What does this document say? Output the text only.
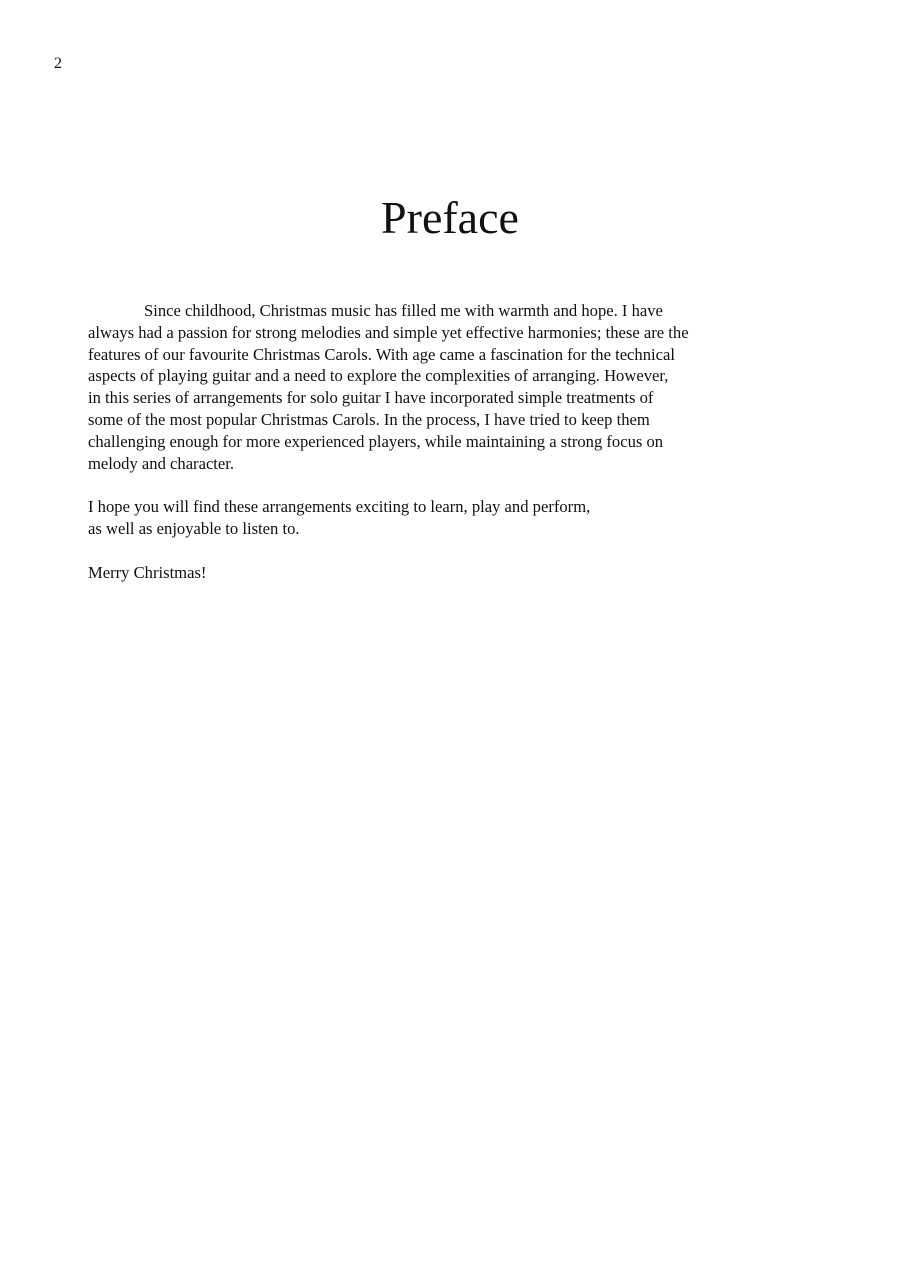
2
Preface

Since childhood, Christmas music has filled me with warmth and hope. I have
always had a passion for strong melodies and simple yet effective harmonies; these are the
features of our favourite Christmas Carols. With age came a fascination for the technical
aspects of playing guitar and a need to explore the complexities of arranging. However,
in this series of arrangements for solo guitar I have incorporated simple treatments of
some of the most popular Christmas Carols. In the process, I have tried to keep them
challenging enough for more experienced players, while maintaining a strong focus on
melody and character.

I hope you will find these arrangements exciting to learn, play and perform,
as well as enjoyable to listen to.

Merry Christmas!
